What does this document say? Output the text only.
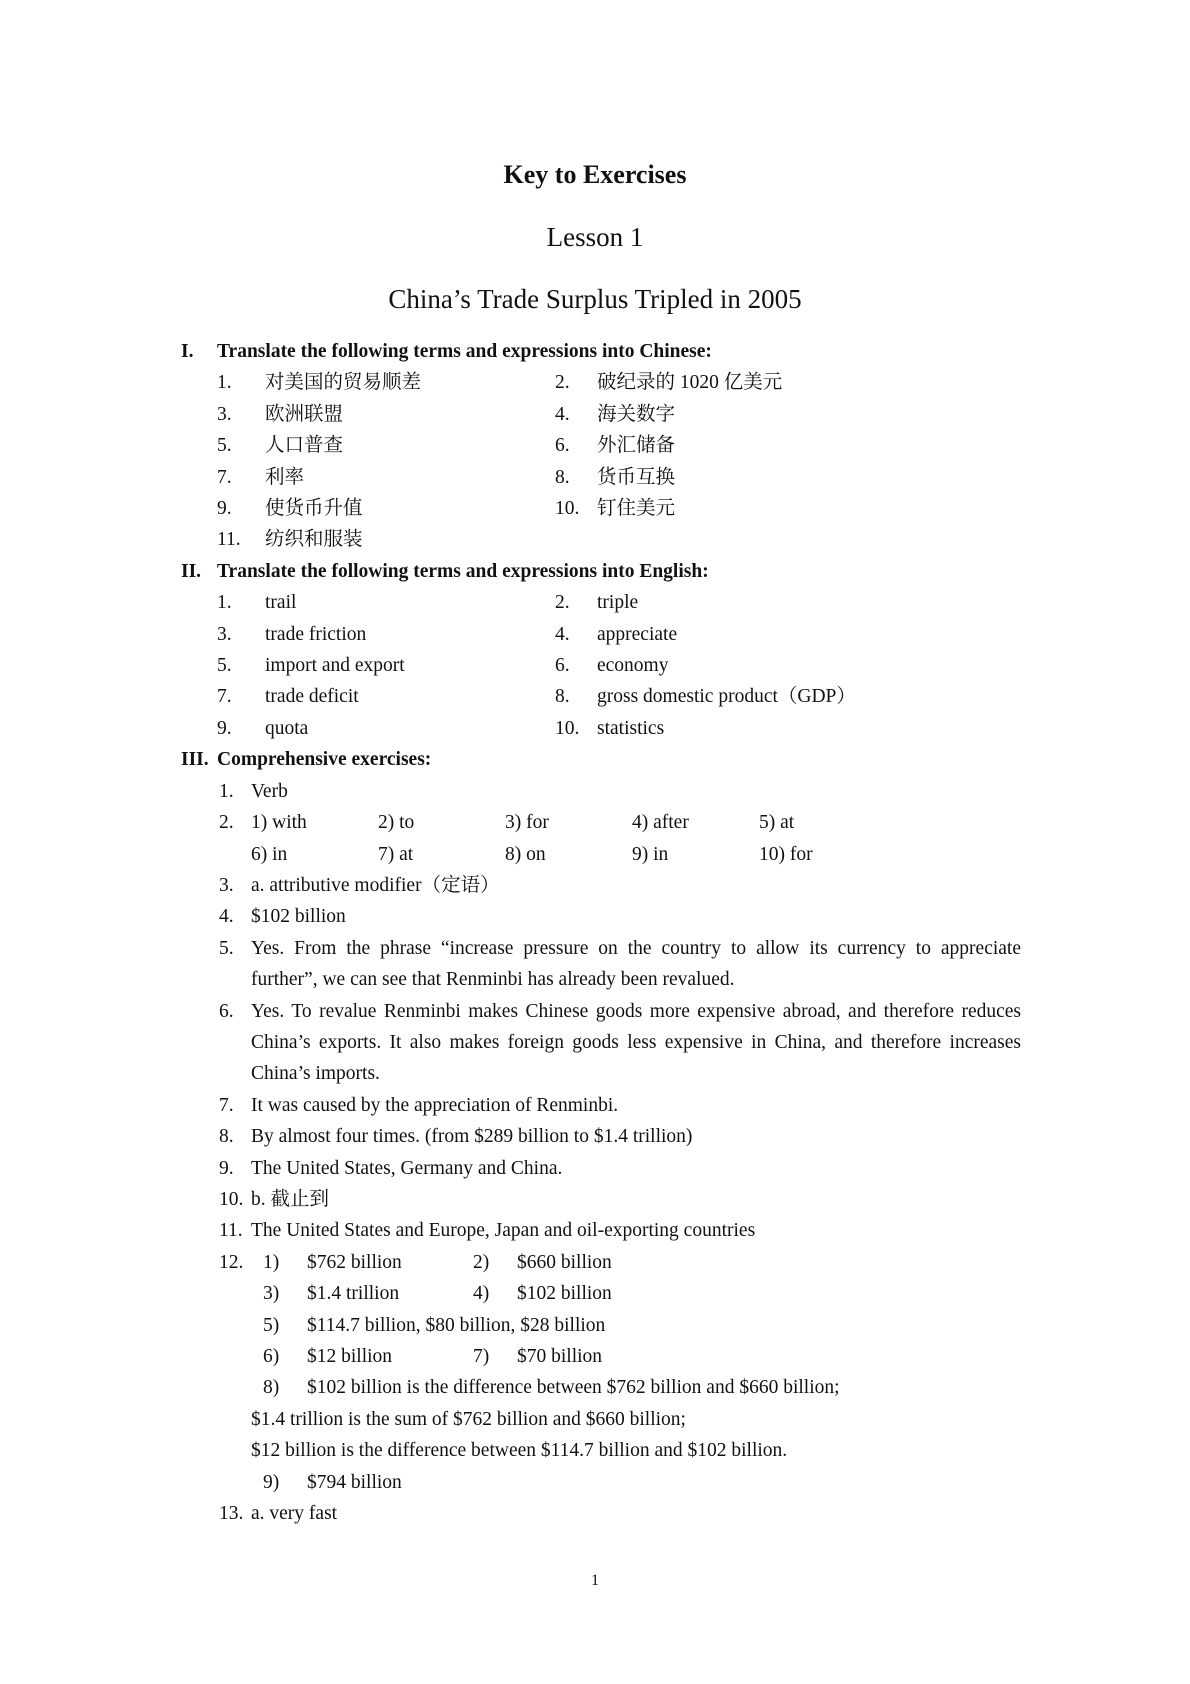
Key to Exercises
Lesson 1
China’s Trade Surplus Tripled in 2005
I.	Translate the following terms and expressions into Chinese:
1.	对美国的贸易顺差	2.	破纪录的 1020 亿美元
3.	欧洲联盟	4.	海关数字
5.	人口普查	6.	外汇储备
7.	利率	8.	货币互换
9.	使货币升值	10. 钉住美元
11.	纺织和服装
II. Translate the following terms and expressions into English:
1.	trail	2.	triple
3.	trade friction	4.	appreciate
5.	import and export	6.	economy
7.	trade deficit	8.	gross domestic product（GDP）
9.	quota	10. statistics
III. Comprehensive exercises:
1. Verb
2. 1) with	2) to	3) for	4) after	5) at
6) in	7) at	8) on	9) in	10) for
3. a. attributive modifier（定语）
4. $102 billion
5. Yes. From the phrase “increase pressure on the country to allow its currency to appreciate further”, we can see that Renminbi has already been revalued.
6. Yes. To revalue Renminbi makes Chinese goods more expensive abroad, and therefore reduces China’s exports. It also makes foreign goods less expensive in China, and therefore increases China’s imports.
7. It was caused by the appreciation of Renminbi.
8. By almost four times. (from $289 billion to $1.4 trillion)
9. The United States, Germany and China.
10. b. 截止到
11. The United States and Europe, Japan and oil-exporting countries
12.	1)	$762 billion	2)	$660 billion
3)	$1.4 trillion	4)	$102 billion
5)	$114.7 billion, $80 billion, $28 billion
6)	$12 billion	7)	$70 billion
8)	$102 billion is the difference between $762 billion and $660 billion;
$1.4 trillion is the sum of $762 billion and $660 billion;
$12 billion is the difference between $114.7 billion and $102 billion.
9)	$794 billion
13. a. very fast
1
